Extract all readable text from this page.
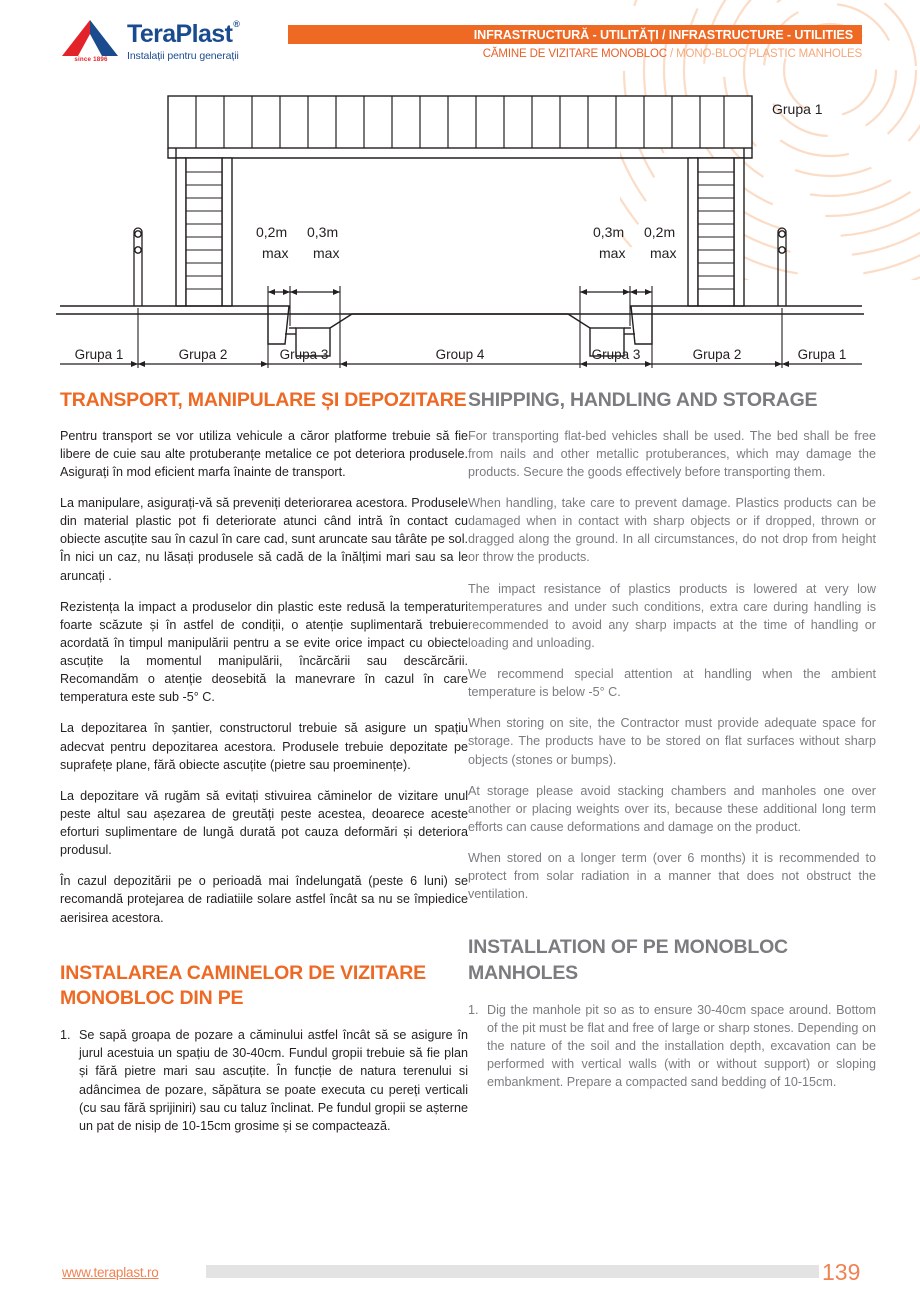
since 1896
TeraPlast ®
Instalații pentru generații
INFRASTRUCTURĂ - UTILITĂȚI / INFRASTRUCTURE - UTILITIES
CĂMINE DE VIZITARE MONOBLOC / MONO-BLOC PLASTIC MANHOLES
0,2m 0,3m
max max
0,3m 0,2m
max max
Grupa 1
Grupa 1	Grupa 2	Grupa 3	Group 4	Grupa 3	Grupa 2	Grupa 1
TRANSPORT, MANIPULARE ȘI DEPOZITARE

Pentru transport se vor utiliza vehicule a căror platforme trebuie să fie libere de cuie sau alte protuberanțe metalice ce pot deteriora produsele. Asigurați în mod eficient marfa înainte de transport.

La manipulare, asigurați-vă să preveniți deteriorarea acestora. Produsele din material plastic pot fi deteriorate atunci când intră în contact cu obiecte ascuțite sau în cazul în care cad, sunt aruncate sau târâte pe sol. În nici un caz, nu lăsați produsele să cadă de la înălțimi mari sau sa le aruncați .

Rezistența la impact a produselor din plastic este redusă la temperaturi foarte scăzute și în astfel de condiții, o atenție suplimentară trebuie acordată în timpul manipulării pentru a se evite orice impact cu obiecte ascuțite la momentul manipulării, încărcării sau descărcării. Recomandăm o atenție deosebită la manevrare în cazul în care temperatura este sub -5° C.

La depozitarea în șantier, constructorul trebuie să asigure un spațiu adecvat pentru depozitarea acestora. Produsele trebuie depozitate pe suprafețe plane, fără obiecte ascuțite (pietre sau proeminențe).

La depozitare vă rugăm să evitați stivuirea căminelor de vizitare unul peste altul sau așezarea de greutăți peste acestea, deoarece aceste eforturi suplimentare de lungă durată pot cauza deformări și deteriora produsul.

În cazul depozitării pe o perioadă mai îndelungată (peste 6 luni) se recomandă protejarea de radiatiile solare astfel încât sa nu se împiedice aerisirea acestora.

INSTALAREA CAMINELOR DE VIZITARE MONOBLOC DIN PE
1. Se sapă groapa de pozare a căminului astfel încât să se asigure în jurul acestuia un spațiu de 30-40cm. Fundul gropii trebuie să fie plan și fără pietre mari sau ascuțite. În funcție de natura terenului si adâncimea de pozare, săpătura se poate executa cu pereți verticali (cu sau fără sprijiniri) sau cu taluz înclinat. Pe fundul gropii se așterne un pat de nisip de 10-15cm grosime și se compactează.
SHIPPING, HANDLING AND STORAGE

For transporting flat-bed vehicles shall be used. The bed shall be free from nails and other metallic protuberances, which may damage the products. Secure the goods effectively before transporting them.

When handling, take care to prevent damage. Plastics products can be damaged when in contact with sharp objects or if dropped, thrown or dragged along the ground. In all circumstances, do not drop from height or throw the products.

The impact resistance of plastics products is lowered at very low temperatures and under such conditions, extra care during handling is recommended to avoid any sharp impacts at the time of handling or loading and unloading.

We recommend special attention at handling when the ambient temperature is below -5° C.

When storing on site, the Contractor must provide adequate space for storage. The products have to be stored on flat surfaces without sharp objects (stones or bumps).

At storage please avoid stacking chambers and manholes one over another or placing weights over its, because these additional long term efforts can cause deformations and damage on the product.

When stored on a longer term (over 6 months) it is recommended to protect from solar radiation in a manner that does not obstruct the ventilation.

INSTALLATION OF PE MONOBLOC MANHOLES
1. Dig the manhole pit so as to ensure 30-40cm space around. Bottom of the pit must be flat and free of large or sharp stones. Depending on the nature of the soil and the installation depth, excavation can be performed with vertical walls (with or without support) or sloping embankment. Prepare a compacted sand bedding of 10-15cm.
www.teraplast.ro	139
